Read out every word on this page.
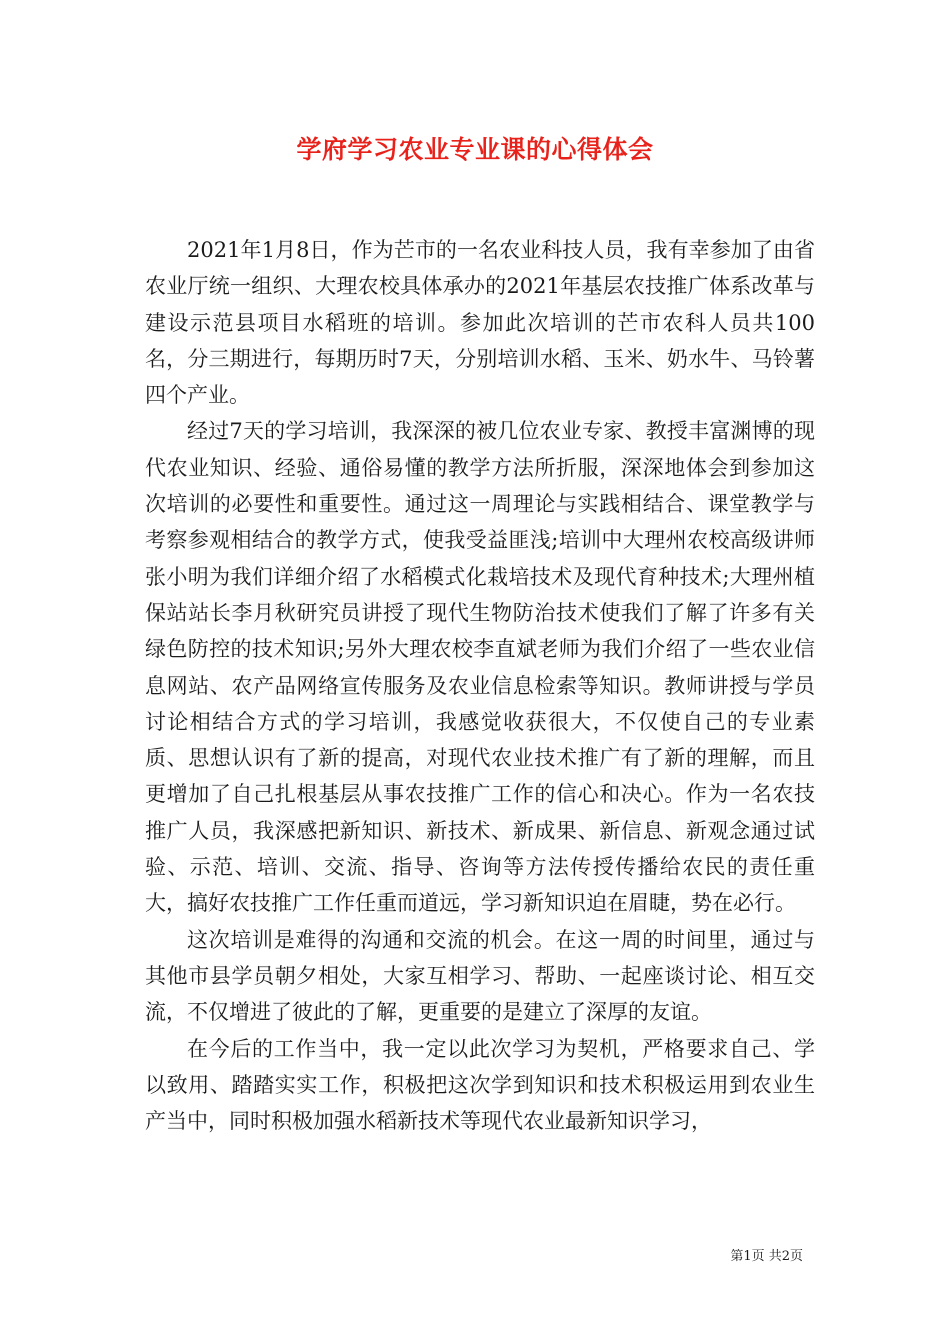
学府学习农业专业课的心得体会

2021年1月8日，作为芒市的一名农业科技人员，我有幸参加了由省农业厅统一组织、大理农校具体承办的2021年基层农技推广体系改革与建设示范县项目水稻班的培训。参加此次培训的芒市农科人员共100名，分三期进行，每期历时7天，分别培训水稻、玉米、奶水牛、马铃薯四个产业。

经过7天的学习培训，我深深的被几位农业专家、教授丰富渊博的现代农业知识、经验、通俗易懂的教学方法所折服，深深地体会到参加这次培训的必要性和重要性。通过这一周理论与实践相结合、课堂教学与考察参观相结合的教学方式，使我受益匪浅;培训中大理州农校高级讲师张小明为我们详细介绍了水稻模式化栽培技术及现代育种技术;大理州植保站站长李月秋研究员讲授了现代生物防治技术使我们了解了许多有关绿色防控的技术知识;另外大理农校李直斌老师为我们介绍了一些农业信息网站、农产品网络宣传服务及农业信息检索等知识。教师讲授与学员讨论相结合方式的学习培训，我感觉收获很大，不仅使自己的专业素质、思想认识有了新的提高，对现代农业技术推广有了新的理解，而且更增加了自己扎根基层从事农技推广工作的信心和决心。作为一名农技推广人员，我深感把新知识、新技术、新成果、新信息、新观念通过试验、示范、培训、交流、指导、咨询等方法传授传播给农民的责任重大，搞好农技推广工作任重而道远，学习新知识迫在眉睫，势在必行。

这次培训是难得的沟通和交流的机会。在这一周的时间里，通过与其他市县学员朝夕相处，大家互相学习、帮助、一起座谈讨论、相互交流，不仅增进了彼此的了解，更重要的是建立了深厚的友谊。

在今后的工作当中，我一定以此次学习为契机，严格要求自己、学以致用、踏踏实实工作，积极把这次学到知识和技术积极运用到农业生产当中，同时积极加强水稻新技术等现代农业最新知识学习，

第1页 共2页
